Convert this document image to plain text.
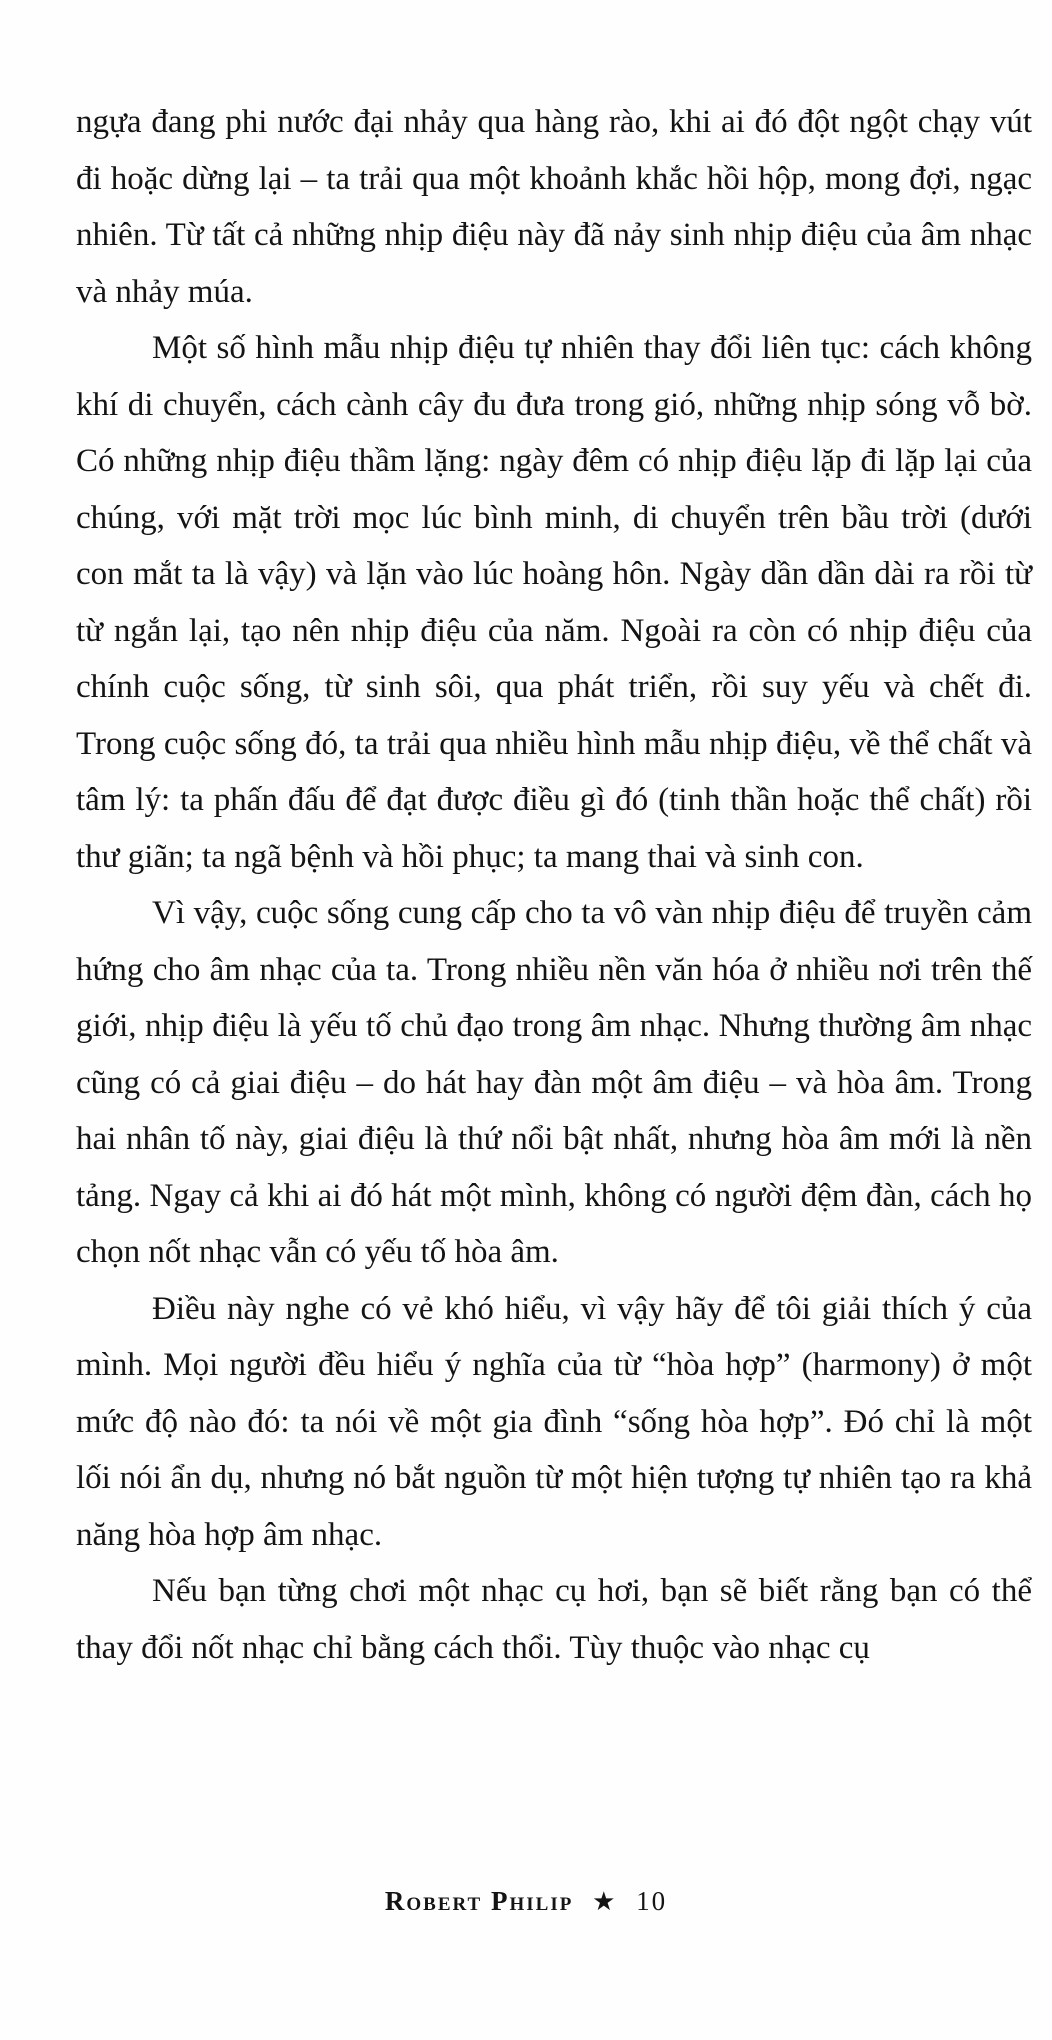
ngựa đang phi nước đại nhảy qua hàng rào, khi ai đó đột ngột chạy vút đi hoặc dừng lại – ta trải qua một khoảnh khắc hồi hộp, mong đợi, ngạc nhiên. Từ tất cả những nhịp điệu này đã nảy sinh nhịp điệu của âm nhạc và nhảy múa.

Một số hình mẫu nhịp điệu tự nhiên thay đổi liên tục: cách không khí di chuyển, cách cành cây đu đưa trong gió, những nhịp sóng vỗ bờ. Có những nhịp điệu thầm lặng: ngày đêm có nhịp điệu lặp đi lặp lại của chúng, với mặt trời mọc lúc bình minh, di chuyển trên bầu trời (dưới con mắt ta là vậy) và lặn vào lúc hoàng hôn. Ngày dần dần dài ra rồi từ từ ngắn lại, tạo nên nhịp điệu của năm. Ngoài ra còn có nhịp điệu của chính cuộc sống, từ sinh sôi, qua phát triển, rồi suy yếu và chết đi. Trong cuộc sống đó, ta trải qua nhiều hình mẫu nhịp điệu, về thể chất và tâm lý: ta phấn đấu để đạt được điều gì đó (tinh thần hoặc thể chất) rồi thư giãn; ta ngã bệnh và hồi phục; ta mang thai và sinh con.

Vì vậy, cuộc sống cung cấp cho ta vô vàn nhịp điệu để truyền cảm hứng cho âm nhạc của ta. Trong nhiều nền văn hóa ở nhiều nơi trên thế giới, nhịp điệu là yếu tố chủ đạo trong âm nhạc. Nhưng thường âm nhạc cũng có cả giai điệu – do hát hay đàn một âm điệu – và hòa âm. Trong hai nhân tố này, giai điệu là thứ nổi bật nhất, nhưng hòa âm mới là nền tảng. Ngay cả khi ai đó hát một mình, không có người đệm đàn, cách họ chọn nốt nhạc vẫn có yếu tố hòa âm.

Điều này nghe có vẻ khó hiểu, vì vậy hãy để tôi giải thích ý của mình. Mọi người đều hiểu ý nghĩa của từ “hòa hợp” (harmony) ở một mức độ nào đó: ta nói về một gia đình “sống hòa hợp”. Đó chỉ là một lối nói ẩn dụ, nhưng nó bắt nguồn từ một hiện tượng tự nhiên tạo ra khả năng hòa hợp âm nhạc.

Nếu bạn từng chơi một nhạc cụ hơi, bạn sẽ biết rằng bạn có thể thay đổi nốt nhạc chỉ bằng cách thổi. Tùy thuộc vào nhạc cụ

Robert Philip ★ 10
